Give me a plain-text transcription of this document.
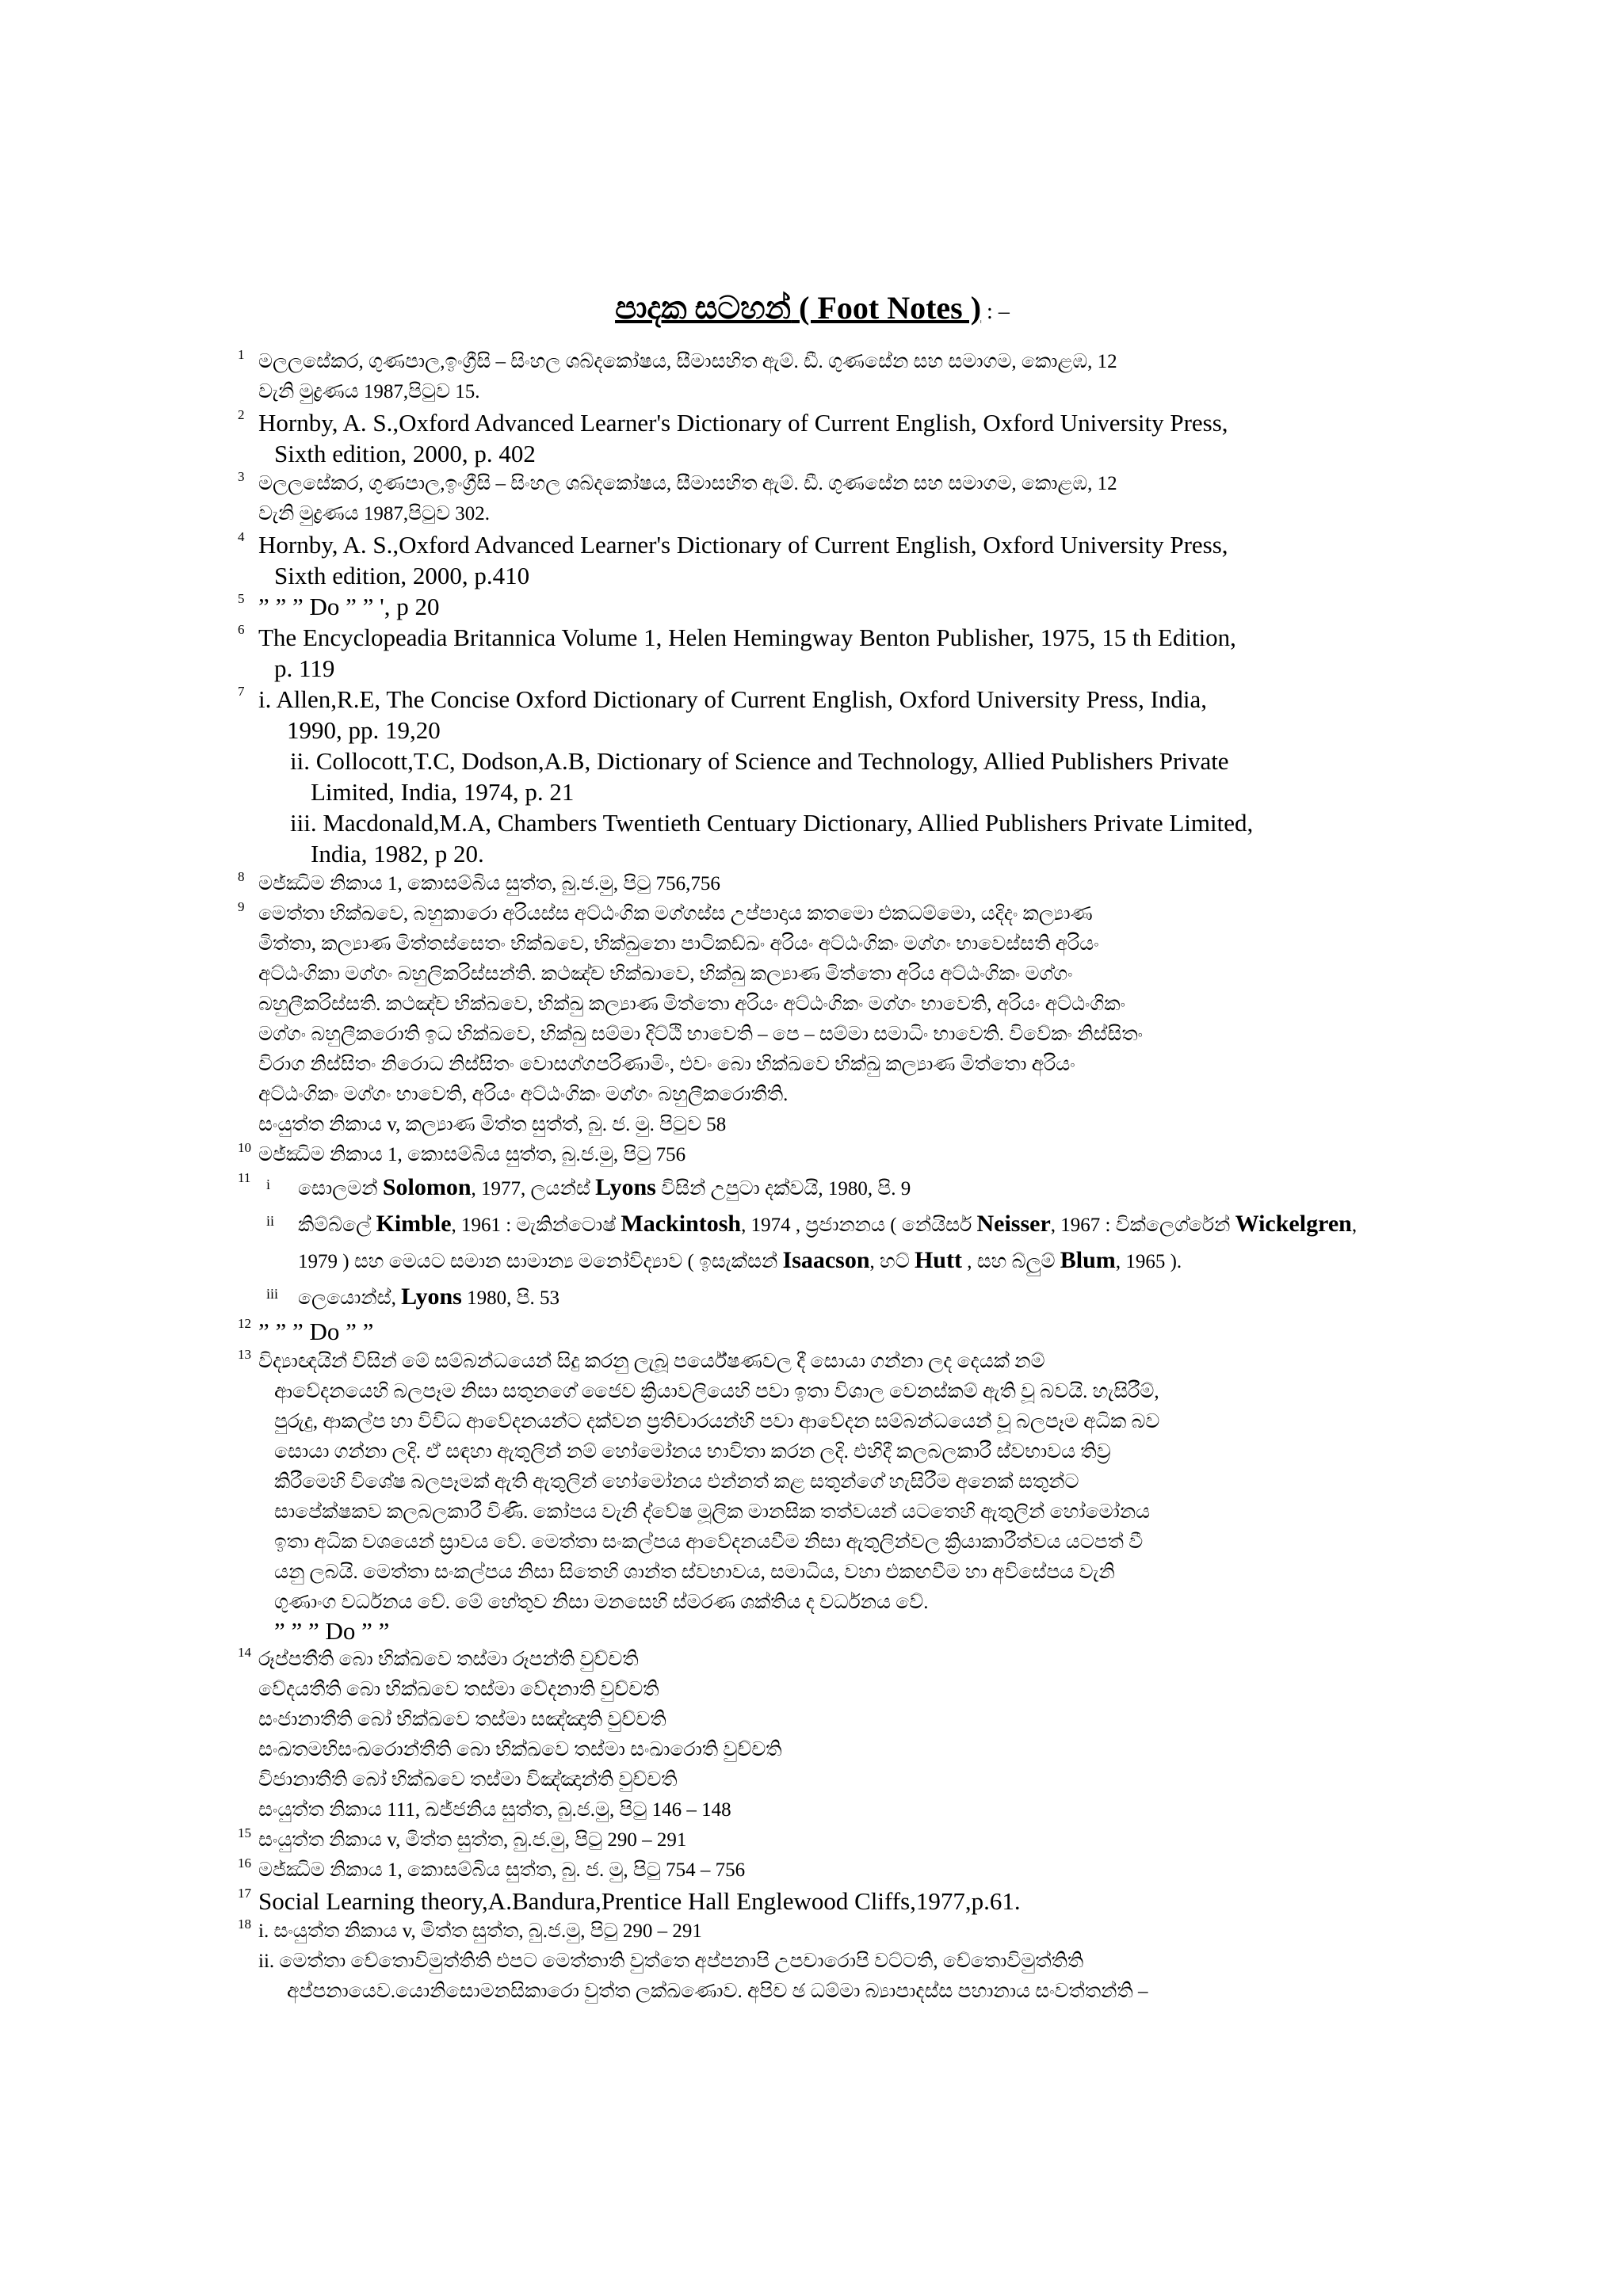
පාදක සටහන් ( Foot Notes ) : –
1 මලලසේකර, ගුණපාල,ඉංග්‍රීසි – සිංහල ශබ්දකෝෂය, සීමාසහිත ඇම්. ඩී. ගුණසේන සහ සමාගම, කොළඹ, 12
වැනි මුද්‍රණය 1987,පිටුව 15.
2 Hornby, A. S.,Oxford Advanced Learner's Dictionary of Current English, Oxford University Press,
Sixth edition, 2000, p. 402
3 මලලසේකර, ගුණපාල,ඉංග්‍රීසි – සිංහල ශබ්දකෝෂය, සීමාසහිත ඇම්. ඩී. ගුණසේන සහ සමාගම, කොළඹ, 12
වැනි මුද්‍රණය 1987,පිටුව 302.
4 Hornby, A. S.,Oxford Advanced Learner's Dictionary of Current English, Oxford University Press,
Sixth edition, 2000, p.410
5 ” ” ” Do ” ” ', p 20
6 The Encyclopeadia Britannica Volume 1, Helen Hemingway Benton Publisher, 1975, 15 th Edition,
p. 119
7 i. Allen,R.E, The Concise Oxford Dictionary of Current English, Oxford University Press, India,
1990, pp. 19,20
ii. Collocott,T.C, Dodson,A.B, Dictionary of Science and Technology, Allied Publishers Private
Limited, India, 1974, p. 21
iii. Macdonald,M.A, Chambers Twentieth Centuary Dictionary, Allied Publishers Private Limited,
India, 1982, p 20.
8 මජ්ඣිම නිකාය 1, කොසම්බිය සුත්ත, බු.ජ.මු, පිටු 756,756
9 මෙත්තා භික්ඛවෙ, බහුකාරො අරියස්ස අට්ඨංගික මග්ගස්ස උප්පාදාය කතමො එකධම්මො, යදිදං කල්‍යාණ
මිත්තා, කල්‍යාණ මිත්තස්සෙතං භික්ඛවෙ, භික්ඛුනො පාටිකඩ්ඛං අරියං අට්ඨංගිකං මග්ගං භාවෙස්සති අරියං
අට්ඨංගිකා මග්ගං බහුලිකරිස්සන්ති. කථඤ්ච භික්ඛාවෙ, භික්ඛු කල්‍යාණ මිත්තො අරිය අට්ඨංගිකං මග්ගං
බහුලීකරිස්සති. කථඤ්ච භික්ඛවෙ, භික්ඛු කල්‍යාණ මිත්තො අරියං අට්ඨංගිකං මග්ගං භාවෙති, අරියං අට්ඨංගිකං
මග්ගං බහුලීකරොති ඉධ භික්ඛවෙ, භික්ඛු සම්මා දිට්ඨි භාවෙති – පෙ – සම්මා සමාධිං භාවෙති. විවේකං නිස්සිතං
විරාග නිස්සිතං නිරොධ නිස්සිතං වොසග්ගපරිණාමිං, එවං බො භික්ඛවෙ භික්ඛු කල්‍යාණ මිත්තො අරියං
අට්ඨංගිකං මග්ගං භාවෙති, අරියං අට්ඨංගිකං මග්ගං බහුලීකරොතීති.
සංයුත්ත නිකාය v, කල්‍යාණ මිත්ත සුත්ත්, බු. ජ. මු. පිටුව 58
10 මජ්ඣිම නිකාය 1, කොසම්බිය සුත්ත, බු.ජ.මු, පිටු 756
11 i සොලමන් Solomon, 1977, ලයන්ස් Lyons විසින් උපුටා දක්වයි, 1980, පි. 9
ii කිම්බ්ලේ Kimble, 1961 : මැකින්ටොෂ් Mackintosh, 1974 , ප්‍රජානනය ( නේයිසර් Neisser, 1967 : වික්ලෙග්රේන් Wickelgren, 1979 ) සහ මෙයට සමාන සාමාන්‍ය මනෝවිද්‍යාව ( ඉසැක්සන් Isaacson, හට් Hutt , සහ බ්ලුම් Blum, 1965 ).
iii ලෙයොන්ස්, Lyons 1980, පි. 53
12 ” ” ” Do ” ”
13 විද්‍යාඥයින් විසින් මේ සම්බන්ධයෙන් සිදු කරනු ලැබූ පර්යේෂණවල දී සොයා ගන්නා ලද දෙයක් නම්
ආවේදනයෙහි බලපෑම නිසා සතුනගේ ජෛව ක්‍රියාවලියෙහි පවා ඉතා විශාල වෙනස්කම් ඇති වූ බවයි. හැසිරීම්,
පුරුදු, ආකල්ප හා විවිධ ආවේදනයන්ට දක්වන ප්‍රතිචාරයන්හි පවා ආවේදන සම්බන්ධයෙන් වූ බලපෑම අධික බව
සොයා ගන්නා ලදි. ඒ සඳහා ඇතුලින් නම් හෝමෝනය භාවිතා කරන ලදි. එහිදී කලබලකාරී ස්වභාවය තිව්‍ර
කිරීමෙහි විශේෂ බලපෑමක් ඇති ඇතුලින් හෝමෝනය එන්නත් කළ සතුන්ගේ හැසිරීම අනෙක් සතුන්ට
සාපේක්ෂකව කලබලකාරී විණි. කෝපය වැනි ද්වේෂ මූලික මානසික තත්වයන් යටතෙහි ඇතුලින් හෝමෝනය
ඉතා අධික වශයෙන් ස්‍රාවය වේ. මෙත්තා සංකල්පය ආවේදනයවීම නිසා ඇතුලින්වල ක්‍රියාකාරීත්වය යටපත් වී
යනු ලබයි. මෙත්තා සංකල්පය නිසා සිතෙහි ශාන්ත ස්වභාවය, සමාධිය, වහා එකඟවීම හා අවිසේපය වැනි
ගුණාංග වර්ධනය වේ. මේ හේතුව නිසා මනසෙහි ස්මරණ ශක්තිය ද වර්ධනය වේ.
” ” ” Do ” ”
14 රූප්පතීති බො භික්ඛවෙ තස්මා රූපන්ති වුච්චති
වේදයතීති බො භික්ඛවෙ තස්මා වේදනාති වුච්චති
සංජානාතීති බෝ භික්ඛවෙ තස්මා සඤ්ඤාති වුච්චති
සංඛතමභිසංඛරොන්තීති බො භික්ඛවෙ තස්මා සංඛාරොති වුච්චති
විජානාතීති බෝ භික්ඛවෙ තස්මා විඤ්ඤාන්ති වුච්චති
සංයුත්ත නිකාය 111, ඛජ්ජනිය සුත්ත, බු.ජ.මු, පිටු 146 – 148
15 සංයුත්ත නිකාය v, මිත්ත සුත්ත, බු.ජ.මු, පිටු 290 – 291
16 මජ්ඣිම නිකාය 1, කොසම්බිය සුත්ත, බු. ජ. මු, පිටු 754 – 756
17 Social Learning theory,A.Bandura,Prentice Hall Englewood Cliffs,1977,p.61.
18 i. සංයුත්ත නිකාය v, මිත්ත සුත්ත, බු.ජ.මු, පිටු 290 – 291
ii. මෙත්තා චේතොවිමුත්තිති එපට මෙත්තාති වුත්තෙ අප්පනාපි උපචාරොපි වට්ටති, චේතොවිමුත්තිති
අප්පනායෙව.යොනිසොමනසිකාරො වුත්ත ලක්ඛණොව. අපිච ඡ ධම්මා බ්‍යාපාදස්ස පහානාය සංවත්තන්ති –
